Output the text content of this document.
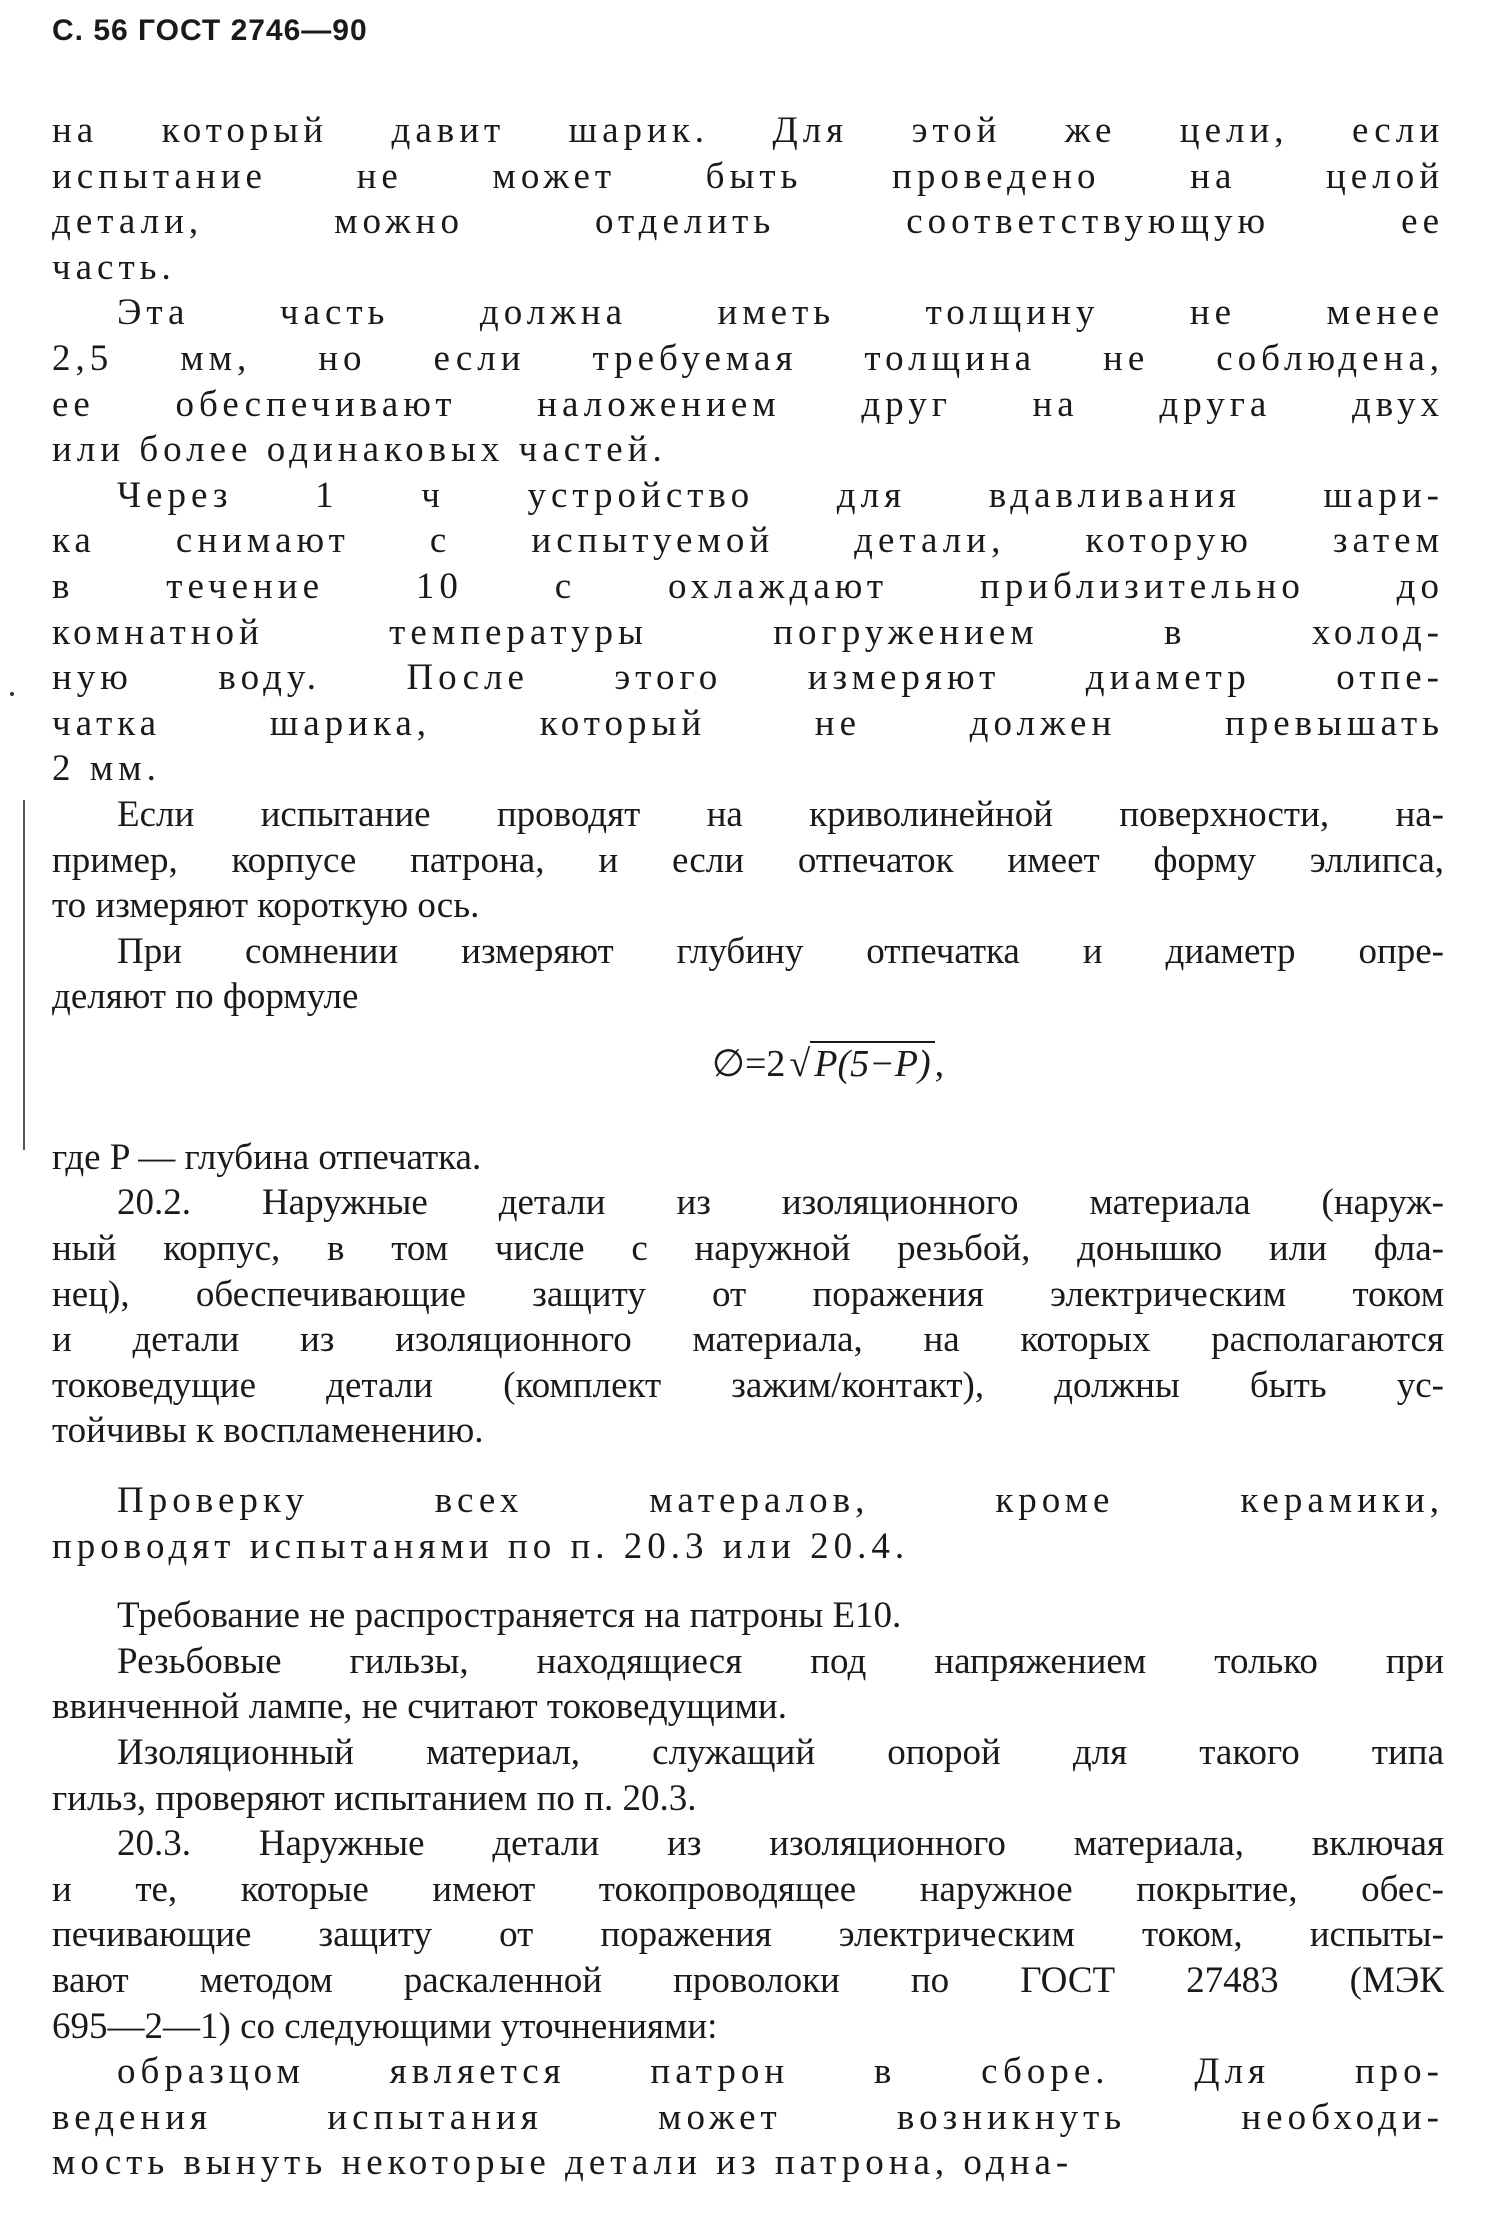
С. 56 ГОСТ 2746—90
на который давит шарик. Для этой же цели, если
испытание не может быть проведено на целой
детали, можно отделить соответствующую ее
часть.
Эта часть должна иметь толщину не менее
2,5 мм, но если требуемая толщина не соблюдена,
ее обеспечивают наложением друг на друга двух
или более одинаковых частей.
Через 1 ч устройство для вдавливания шари-
ка снимают с испытуемой детали, которую затем
в течение 10 с охлаждают приблизительно до
комнатной температуры погружением в холод-
ную воду. После этого измеряют диаметр отпе-
чатка шарика, который не должен превышать
2 мм.
Если испытание проводят на криволинейной поверхности, на-
пример, корпусе патрона, и если отпечаток имеет форму эллипса,
то измеряют короткую ось.
При сомнении измеряют глубину отпечатка и диаметр опре-
деляют по формуле
∅=2 √ P(5−P) ,
где P — глубина отпечатка.
20.2. Наружные детали из изоляционного материала (наруж-
ный корпус, в том числе с наружной резьбой, донышко или фла-
нец), обеспечивающие защиту от поражения электрическим током
и детали из изоляционного материала, на которых располагаются
токоведущие детали (комплект зажим/контакт), должны быть ус-
тойчивы к воспламенению.
Проверку всех матералов, кроме керамики,
проводят испытанями по п. 20.3 или 20.4.
Требование не распространяется на патроны Е10.
Резьбовые гильзы, находящиеся под напряжением только при
ввинченной лампе, не считают токоведущими.
Изоляционный материал, служащий опорой для такого типа
гильз, проверяют испытанием по п. 20.3.
20.3. Наружные детали из изоляционного материала, включая
и те, которые имеют токопроводящее наружное покрытие, обес-
печивающие защиту от поражения электрическим током, испыты-
вают методом раскаленной проволоки по ГОСТ 27483 (МЭК
695—2—1) со следующими уточнениями:
образцом является патрон в сборе. Для про-
ведения испытания может возникнуть необходи-
мость вынуть некоторые детали из патрона, одна-
